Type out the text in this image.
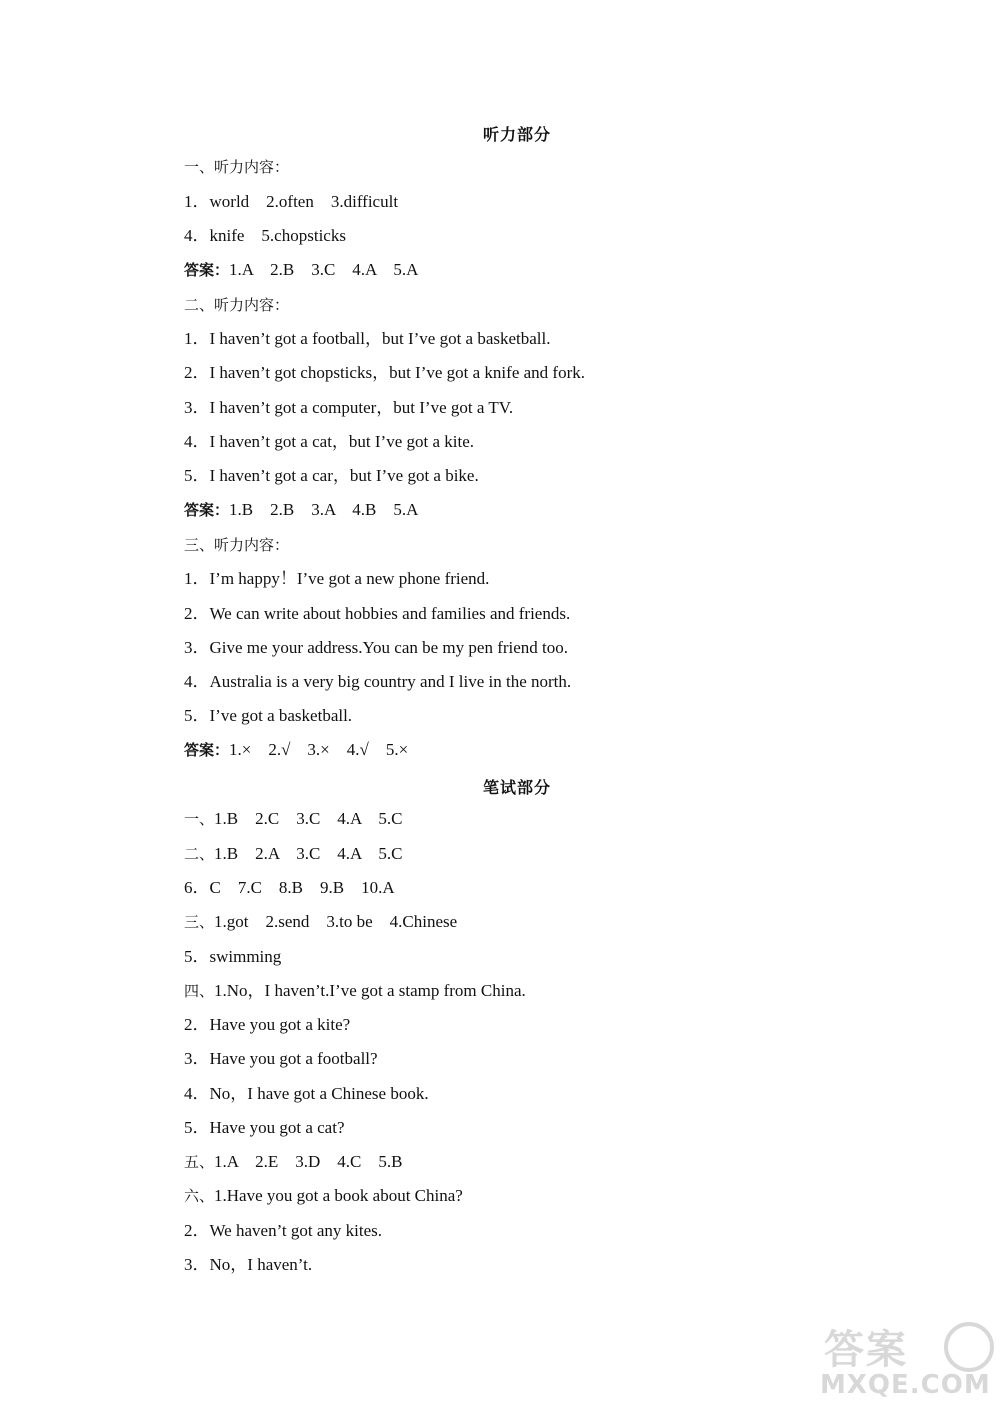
听力部分
一、听力内容：
1．world    2.often    3.difficult
4．knife    5.chopsticks
答案：1.A    2.B    3.C    4.A    5.A
二、听力内容：
1．I haven’t got a football，but I’ve got a basketball.
2．I haven’t got chopsticks，but I’ve got a knife and fork.
3．I haven’t got a computer，but I’ve got a TV.
4．I haven’t got a cat，but I’ve got a kite.
5．I haven’t got a car，but I’ve got a bike.
答案：1.B    2.B    3.A    4.B    5.A
三、听力内容：
1．I’m happy！I’ve got a new phone friend.
2．We can write about hobbies and families and friends.
3．Give me your address.You can be my pen friend too.
4．Australia is a very big country and I live in the north.
5．I’ve got a basketball.
答案：1.×    2.√    3.×    4.√    5.×
笔试部分
一、1.B    2.C    3.C    4.A    5.C
二、1.B    2.A    3.C    4.A    5.C
6．C    7.C    8.B    9.B    10.A
三、1.got    2.send    3.to be    4.Chinese
5．swimming
四、1.No，I haven’t.I’ve got a stamp from China.
2．Have you got a kite?
3．Have you got a football?
4．No，I have got a Chinese book.
5．Have you got a cat?
五、1.A    2.E    3.D    4.C    5.B
六、1.Have you got a book about China?
2．We haven’t got any kites.
3．No，I haven’t.
答案
MXQE.COM
